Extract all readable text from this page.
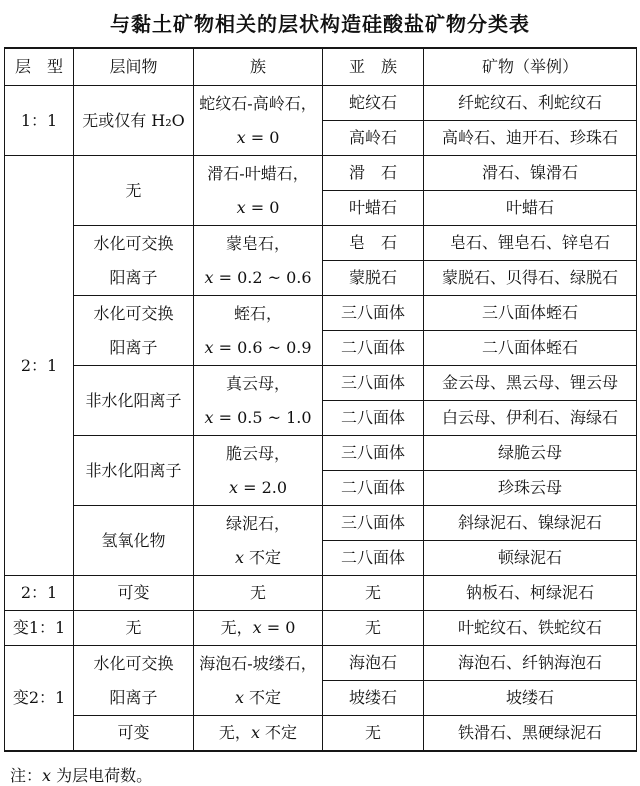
与黏土矿物相关的层状构造硅酸盐矿物分类表
层　型	层间物	族	亚　族	矿物（举例）
1：1	无或仅有 H₂O	蛇纹石-高岭石，
x = 0	蛇纹石	纤蛇纹石、利蛇纹石
			高岭石	高岭石、迪开石、珍珠石
2：1	无	滑石-叶蜡石，
x = 0	滑　石	滑石、镍滑石
			叶蜡石	叶蜡石
	水化可交换
阳离子	蒙皂石，
x = 0.2 ~ 0.6	皂　石	皂石、锂皂石、锌皂石
			蒙脱石	蒙脱石、贝得石、绿脱石
	水化可交换
阳离子	蛭石，
x = 0.6 ~ 0.9	三八面体	三八面体蛭石
			二八面体	二八面体蛭石
	非水化阳离子	真云母，
x = 0.5 ~ 1.0	三八面体	金云母、黑云母、锂云母
			二八面体	白云母、伊利石、海绿石
	非水化阳离子	脆云母，
x = 2.0	三八面体	绿脆云母
			二八面体	珍珠云母
	氢氧化物	绿泥石，
x 不定	三八面体	斜绿泥石、镍绿泥石
			二八面体	顿绿泥石
2：1	可变	无	无	钠板石、柯绿泥石
变1：1	无	无，x = 0	无	叶蛇纹石、铁蛇纹石
变2：1	水化可交换
阳离子	海泡石-坡缕石，
x 不定	海泡石	海泡石、纤钠海泡石
			坡缕石	坡缕石
	可变	无，x 不定	无	铁滑石、黑硬绿泥石
注：x 为层电荷数。
